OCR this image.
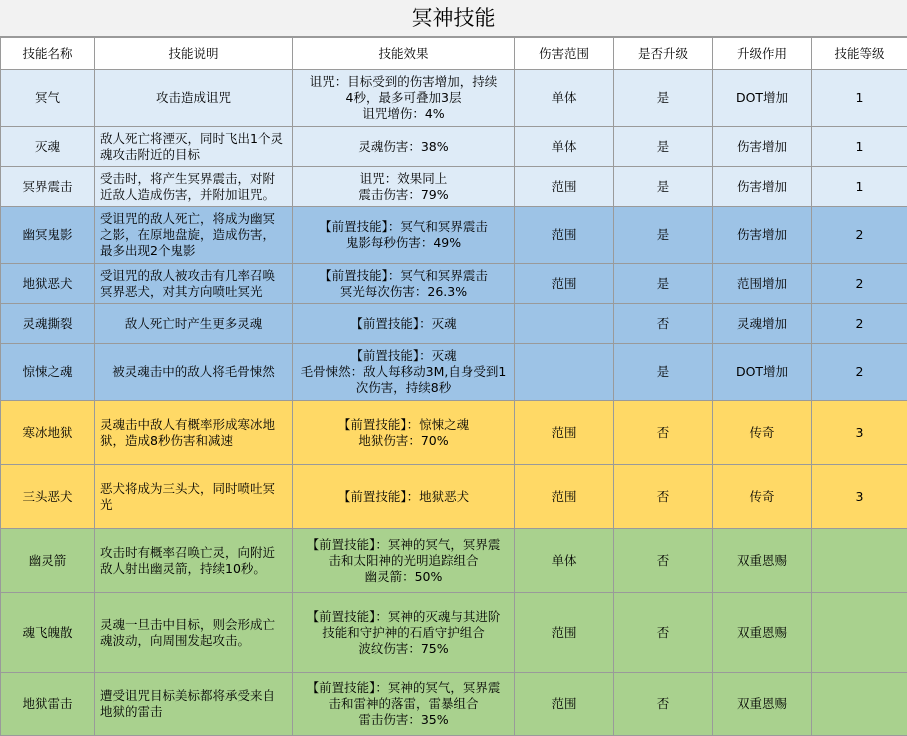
冥神技能
技能名称	技能说明	技能效果	伤害范围	是否升级	升级作用	技能等级
冥气	攻击造成诅咒	诅咒：目标受到的伤害增加，持续
4秒，最多可叠加3层
诅咒增伤：4%	单体	是	DOT增加	1
灭魂	敌人死亡将湮灭，同时飞出1个灵
魂攻击附近的目标	灵魂伤害：38%	单体	是	伤害增加	1
冥界震击	受击时，将产生冥界震击，对附
近敌人造成伤害，并附加诅咒。	诅咒：效果同上
震击伤害：79%	范围	是	伤害增加	1
幽冥鬼影	受诅咒的敌人死亡，将成为幽冥
之影，在原地盘旋，造成伤害，
最多出现2个鬼影	【前置技能】：冥气和冥界震击
鬼影每秒伤害：49%	范围	是	伤害增加	2
地狱恶犬	受诅咒的敌人被攻击有几率召唤
冥界恶犬，对其方向喷吐冥光	【前置技能】：冥气和冥界震击
冥光每次伤害：26.3%	范围	是	范围增加	2
灵魂撕裂	敌人死亡时产生更多灵魂	【前置技能】：灭魂		否	灵魂增加	2
惊悚之魂	被灵魂击中的敌人将毛骨悚然	【前置技能】：灭魂
毛骨悚然：敌人每移动3M,自身受到1
次伤害，持续8秒		是	DOT增加	2
寒冰地狱	灵魂击中敌人有概率形成寒冰地
狱，造成8秒伤害和减速	【前置技能】：惊悚之魂
地狱伤害：70%	范围	否	传奇	3
三头恶犬	恶犬将成为三头犬，同时喷吐冥
光	【前置技能】：地狱恶犬	范围	否	传奇	3
幽灵箭	攻击时有概率召唤亡灵，向附近
敌人射出幽灵箭，持续10秒。	【前置技能】：冥神的冥气，冥界震
击和太阳神的光明追踪组合
幽灵箭：50%	单体	否	双重恩赐	
魂飞魄散	灵魂一旦击中目标，则会形成亡
魂波动，向周围发起攻击。	【前置技能】：冥神的灭魂与其进阶
技能和守护神的石盾守护组合
波纹伤害：75%	范围	否	双重恩赐	
地狱雷击	遭受诅咒目标美标都将承受来自
地狱的雷击	【前置技能】：冥神的冥气，冥界震
击和雷神的落雷，雷暴组合
雷击伤害：35%	范围	否	双重恩赐	
